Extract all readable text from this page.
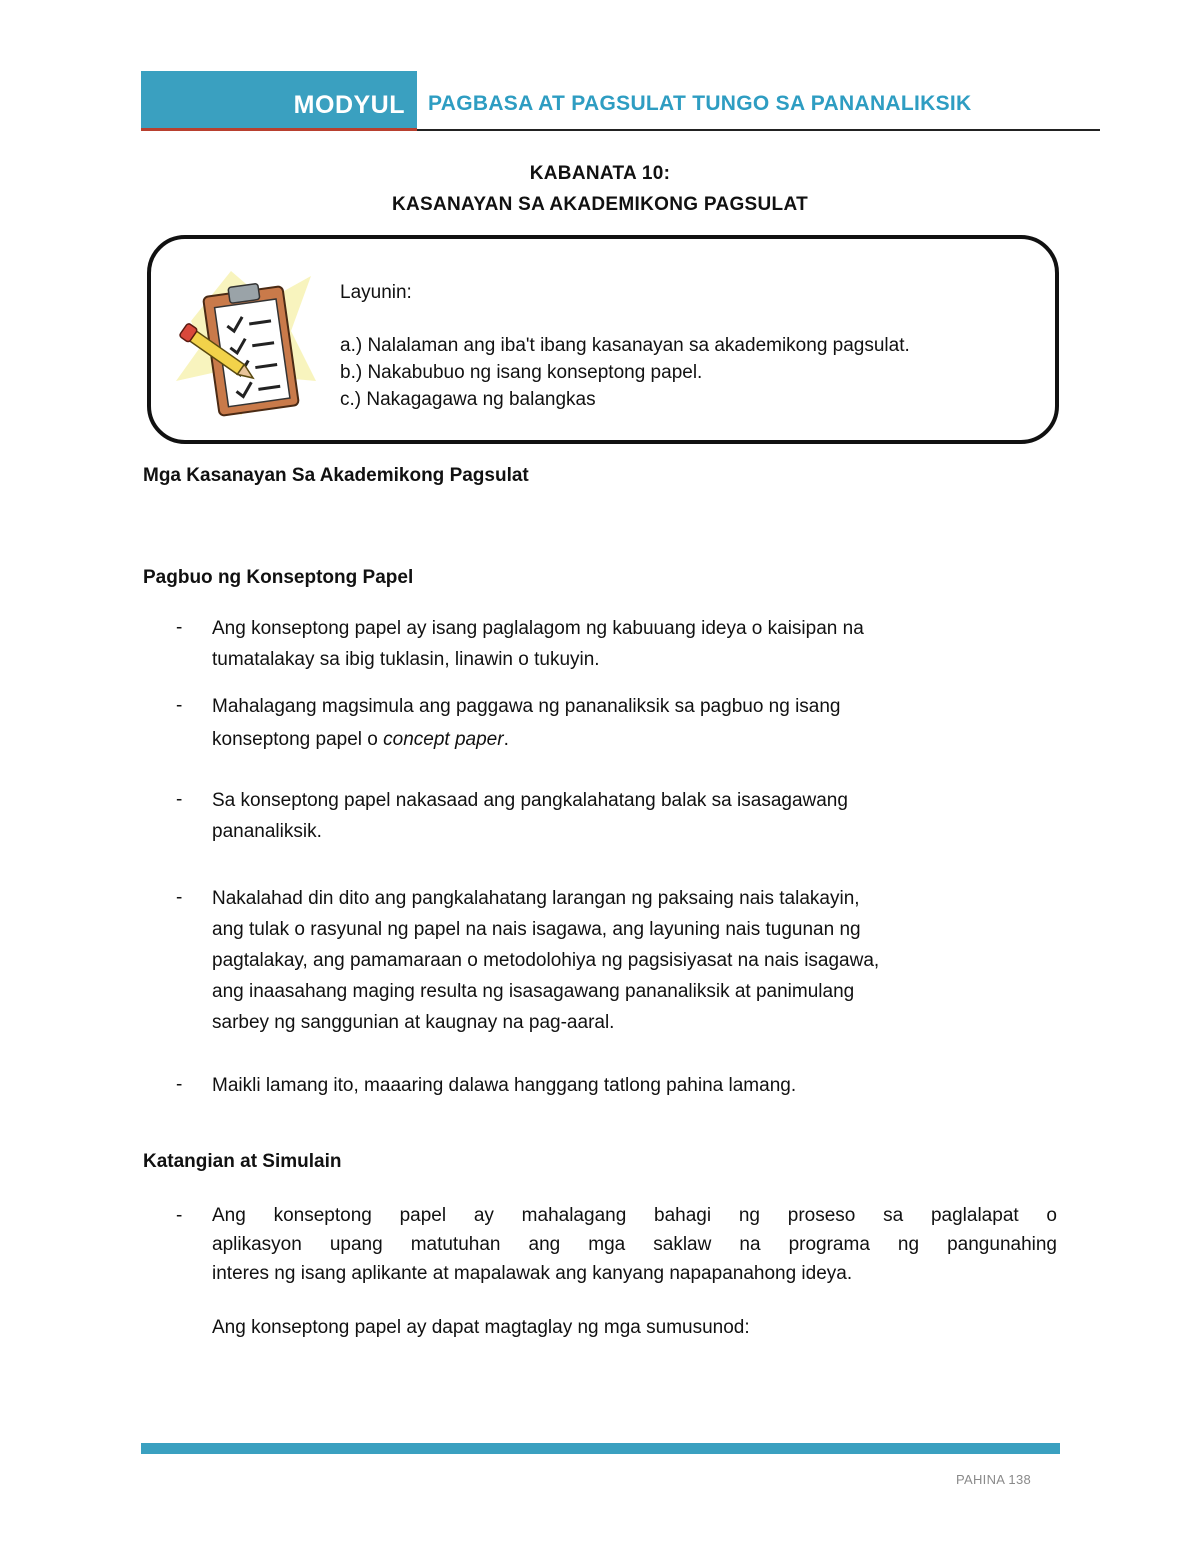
MODYUL PAGBASA AT PAGSULAT TUNGO SA PANANALIKSIK
KABANATA 10:
KASANAYAN SA AKADEMIKONG PAGSULAT
Layunin:
a.) Nalalaman ang iba't ibang kasanayan sa akademikong pagsulat.
b.) Nakabubuo ng isang konseptong papel.
c.) Nakagagawa ng balangkas
Mga Kasanayan Sa Akademikong Pagsulat
Pagbuo ng Konseptong Papel
- Ang konseptong papel ay isang paglalagom ng kabuuang ideya o kaisipan na
tumatalakay sa ibig tuklasin, linawin o tukuyin.
- Mahalagang magsimula ang paggawa ng pananaliksik sa pagbuo ng isang
konseptong papel o concept paper.
- Sa konseptong papel nakasaad ang pangkalahatang balak sa isasagawang
pananaliksik.
- Nakalahad din dito ang pangkalahatang larangan ng paksaing nais talakayin,
ang tulak o rasyunal ng papel na nais isagawa, ang layuning nais tugunan ng
pagtalakay, ang pamamaraan o metodolohiya ng pagsisiyasat na nais isagawa,
ang inaasahang maging resulta ng isasagawang pananaliksik at panimulang
sarbey ng sanggunian at kaugnay na pag-aaral.
- Maikli lamang ito, maaaring dalawa hanggang tatlong pahina lamang.
Katangian at Simulain
- Ang konseptong papel ay mahalagang bahagi ng proseso sa paglalapat o
aplikasyon upang matutuhan ang mga saklaw na programa ng pangunahing
interes ng isang aplikante at mapalawak ang kanyang napapanahong ideya.
Ang konseptong papel ay dapat magtaglay ng mga sumusunod:
PAHINA 138
